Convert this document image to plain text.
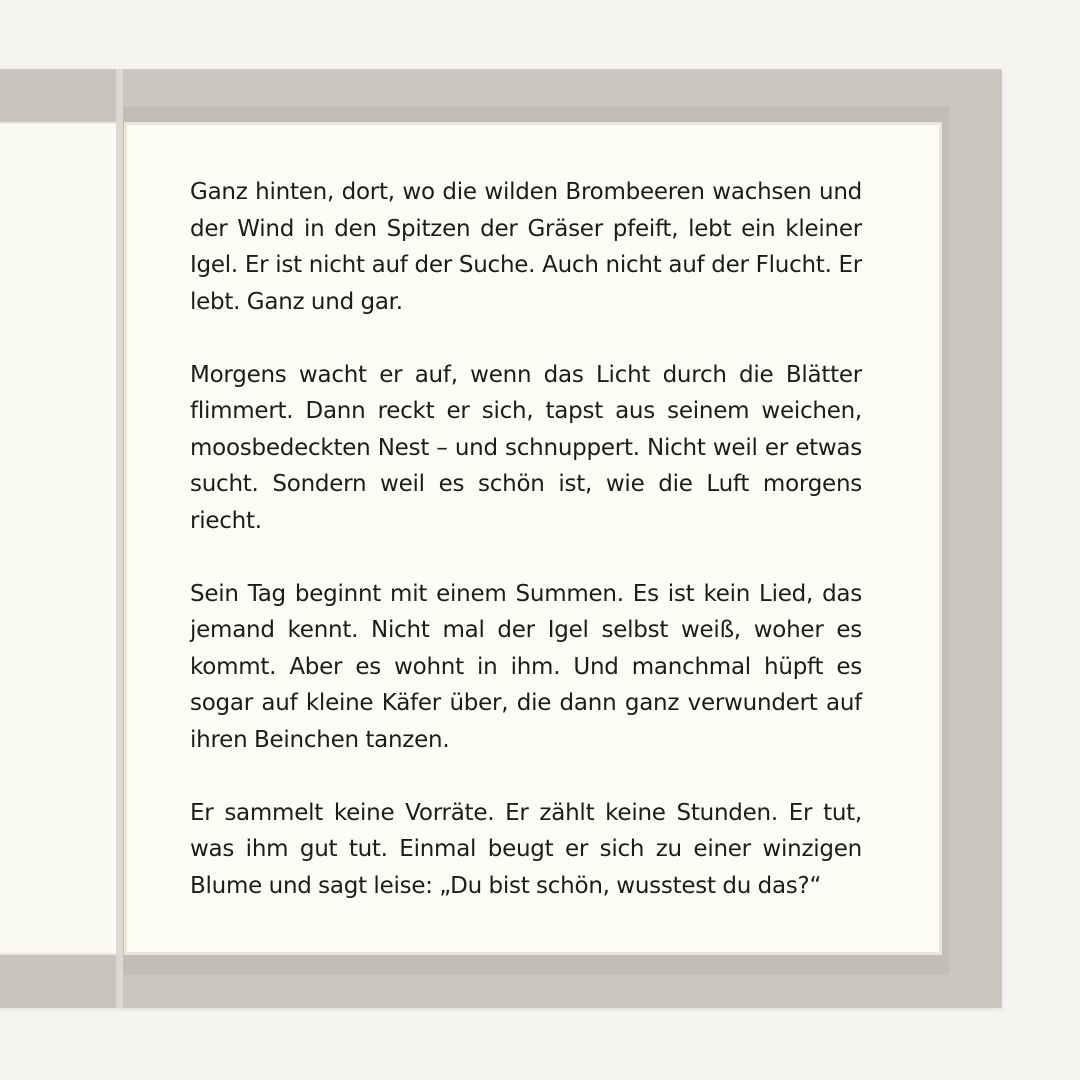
Ganz hinten, dort, wo die wilden Brombeeren wachsen und der Wind in den Spitzen der Gräser pfeift, lebt ein kleiner Igel. Er ist nicht auf der Suche. Auch nicht auf der Flucht. Er lebt. Ganz und gar.

Morgens wacht er auf, wenn das Licht durch die Blätter flimmert. Dann reckt er sich, tapst aus seinem weichen, moosbedeckten Nest – und schnuppert. Nicht weil er etwas sucht. Sondern weil es schön ist, wie die Luft morgens riecht.

Sein Tag beginnt mit einem Summen. Es ist kein Lied, das jemand kennt. Nicht mal der Igel selbst weiß, woher es kommt. Aber es wohnt in ihm. Und manchmal hüpft es sogar auf kleine Käfer über, die dann ganz verwundert auf ihren Beinchen tanzen.

Er sammelt keine Vorräte. Er zählt keine Stunden. Er tut, was ihm gut tut. Einmal beugt er sich zu einer winzigen Blume und sagt leise: „Du bist schön, wusstest du das?“
